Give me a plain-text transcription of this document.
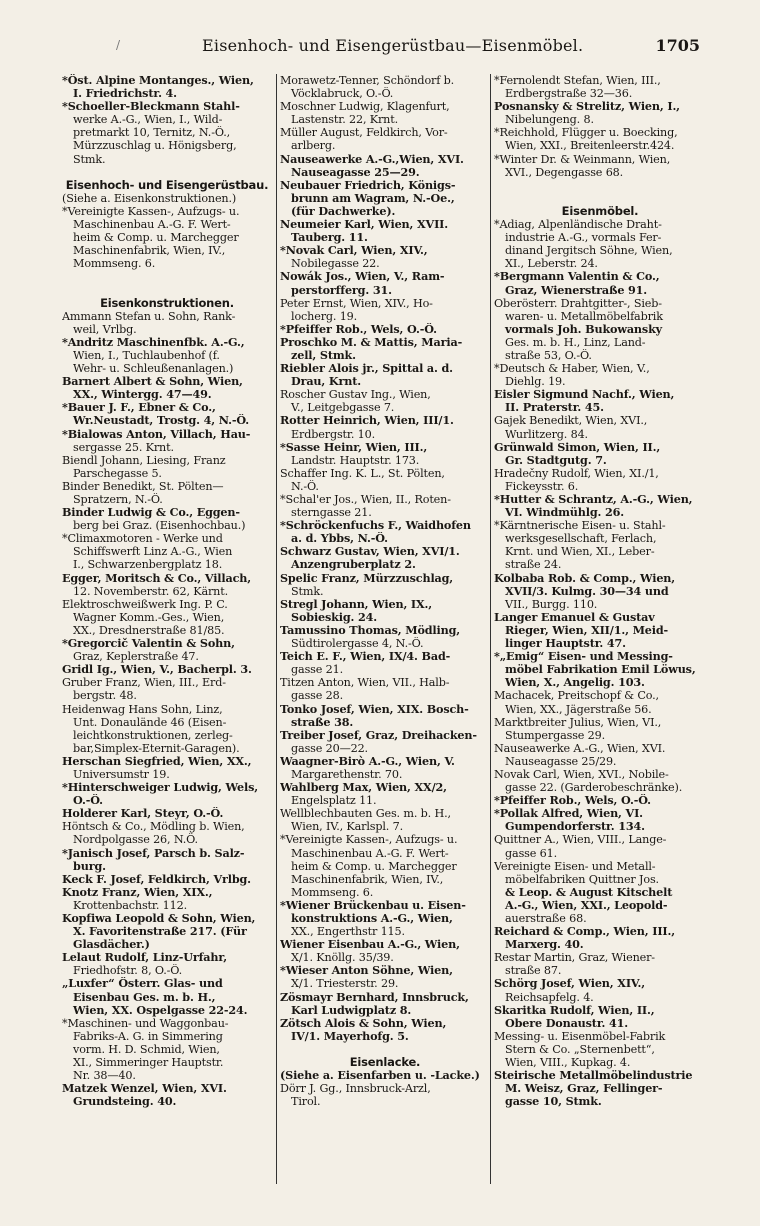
/	Eisenhoch- und Eisengerüstbau—Eisenmöbel.	1705
*Öst. Alpine Montanges., Wien,
 I. Friedrichstr. 4.
*Schoeller-Bleckmann Stahl-
 werke A.-G., Wien, I., Wild-
 pretmarkt 10, Ternitz, N.-Ö.,
 Mürzzuschlag u. Hönigsberg,
 Stmk.

Eisenhoch- und Eisengerüstbau.
(Siehe a. Eisenkonstruktionen.)
*Vereinigte Kassen-, Aufzugs- u.
 Maschinenbau A.-G. F. Wert-
 heim & Comp. u. Marchegger
 Maschinenfabrik, Wien, IV.,
 Mommseng. 6.

Eisenkonstruktionen.
Ammann Stefan u. Sohn, Rank-
 weil, Vrlbg.
*Andritz Maschinenfbk. A.-G.,
 Wien, I., Tuchlaubenhof (f.
 Wehr- u. Schleußenanlagen.)
Barnert Albert & Sohn, Wien,
 XX., Wintergg. 47—49.
*Bauer J. F., Ebner & Co.,
 Wr.Neustadt, Trostg. 4, N.-Ö.
*Bialowas Anton, Villach, Hau-
 sergasse 25. Krnt.
Biendl Johann, Liesing, Franz
 Parschegasse 5.
Binder Benedikt, St. Pölten—
 Spratzern, N.-Ö.
Binder Ludwig & Co., Eggen-
 berg bei Graz. (Eisenhochbau.)
*Climaxmotoren - Werke und
 Schiffswerft Linz A.-G., Wien
 I., Schwarzenbergplatz 18.
Egger, Moritsch & Co., Villach,
 12. Novemberstr. 62, Kärnt.
Elektroschweißwerk Ing. P. C.
 Wagner Komm.-Ges., Wien,
 XX., Dresdnerstraße 81/85.
*Gregorcič Valentin & Sohn,
 Graz, Keplerstraße 47.
Gridl Ig., Wien, V., Bacherpl. 3.
Gruber Franz, Wien, III., Erd-
 bergstr. 48.
Heidenwag Hans Sohn, Linz,
 Unt. Donaulände 46 (Eisen-
 leichtkonstruktionen, zerleg-
 bar,Simplex-Eternit-Garagen).
Herschan Siegfried, Wien, XX.,
 Universumstr 19.
*Hinterschweiger Ludwig, Wels,
 O.-Ö.
Holderer Karl, Steyr, O.-Ö.
Höntsch & Co., Mödling b. Wien,
 Nordpolgasse 26, N.Ö.
*Janisch Josef, Parsch b. Salz-
 burg.
Keck F. Josef, Feldkirch, Vrlbg.
Knotz Franz, Wien, XIX.,
 Krottenbachstr. 112.
Kopfiwa Leopold & Sohn, Wien,
 X. Favoritenstraße 217. (Für
 Glasdächer.)
Lelaut Rudolf, Linz-Urfahr,
 Friedhofstr. 8, O.-Ö.
„Luxfer“ Österr. Glas- und
 Eisenbau Ges. m. b. H.,
 Wien, XX. Ospelgasse 22-24.
*Maschinen- und Waggonbau-
 Fabriks-A. G. in Simmering
 vorm. H. D. Schmid, Wien,
 XI., Simmeringer Hauptstr.
 Nr. 38—40.
Matzek Wenzel, Wien, XVI.
 Grundsteing. 40.
Morawetz-Tenner, Schöndorf b.
 Vöcklabruck, O.-Ö.
Moschner Ludwig, Klagenfurt,
 Lastenstr. 22, Krnt.
Müller August, Feldkirch, Vor-
 arlberg.
Nauseawerke A.-G.,Wien, XVI.
 Nauseagasse 25—29.
Neubauer Friedrich, Königs-
 brunn am Wagram, N.-Oe.,
 (für Dachwerke).
Neumeier Karl, Wien, XVII.
 Tauberg. 11.
*Novak Carl, Wien, XIV.,
 Nobilegasse 22.
Nowák Jos., Wien, V., Ram-
 perstorfferg. 31.
Peter Ernst, Wien, XIV., Ho-
 locherg. 19.
*Pfeiffer Rob., Wels, O.-Ö.
Proschko M. & Mattis, Maria-
 zell, Stmk.
Riebler Alois jr., Spittal a. d.
 Drau, Krnt.
Roscher Gustav Ing., Wien,
 V., Leitgebgasse 7.
Rotter Heinrich, Wien, III/1.
 Erdbergstr. 10.
*Sasse Heinr, Wien, III.,
 Landstr. Hauptstr. 173.
Schaffer Ing. K. L., St. Pölten,
 N.-Ö.
*Schal'er Jos., Wien, II., Roten-
 sterngasse 21.
*Schröckenfuchs F., Waidhofen
 a. d. Ybbs, N.-Ö.
Schwarz Gustav, Wien, XVI/1.
 Anzengruberplatz 2.
Spelic Franz, Mürzzuschlag,
 Stmk.
Stregl Johann, Wien, IX.,
 Sobieskig. 24.
Tamussino Thomas, Mödling,
 Südtirolergasse 4, N.-Ö.
Teich E. F., Wien, IX/4. Bad-
 gasse 21.
Titzen Anton, Wien, VII., Halb-
 gasse 28.
Tonko Josef, Wien, XIX. Bosch-
 straße 38.
Treiber Josef, Graz, Dreihacken-
 gasse 20—22.
Waagner-Birò A.-G., Wien, V.
 Margarethenstr. 70.
Wahlberg Max, Wien, XX/2,
 Engelsplatz 11.
Wellblechbauten Ges. m. b. H.,
 Wien, IV., Karlspl. 7.
*Vereinigte Kassen-, Aufzugs- u.
 Maschinenbau A.-G. F. Wert-
 heim & Comp. u. Marchegger
 Maschinenfabrik, Wien, IV.,
 Mommseng. 6.
*Wiener Brückenbau u. Eisen-
 konstruktions A.-G., Wien,
 XX., Engerthstr 115.
Wiener Eisenbau A.-G., Wien,
 X/1. Knöllg. 35/39.
*Wieser Anton Söhne, Wien,
 X/1. Triesterstr. 29.
Zösmayr Bernhard, Innsbruck,
 Karl Ludwigplatz 8.
Zötsch Alois & Sohn, Wien,
 IV/1. Mayerhofg. 5.

Eisenlacke.
(Siehe a. Eisenfarben u. -Lacke.)
Dörr J. Gg., Innsbruck-Arzl,
 Tirol.
*Fernolendt Stefan, Wien, III.,
 Erdbergstraße 32—36.
Posnansky & Strelitz, Wien, I.,
 Nibelungeng. 8.
*Reichhold, Flügger u. Boecking,
 Wien, XXI., Breitenleerstr.424.
*Winter Dr. & Weinmann, Wien,
 XVI., Degengasse 68.

Eisenmöbel.
*Adiag, Alpenländische Draht-
 industrie A.-G., vormals Fer-
 dinand Jergitsch Söhne, Wien,
 XI., Leberstr. 24.
*Bergmann Valentin & Co.,
 Graz, Wienerstraße 91.
Oberösterr. Drahtgitter-, Sieb-
 waren- u. Metallmöbelfabrik
 vormals Joh. Bukowansky
 Ges. m. b. H., Linz, Land-
 straße 53, O.-Ö.
*Deutsch & Haber, Wien, V.,
 Diehlg. 19.
Eisler Sigmund Nachf., Wien,
 II. Praterstr. 45.
Gajek Benedikt, Wien, XVI.,
 Wurlitzerg. 84.
Grünwald Simon, Wien, II.,
 Gr. Stadtgutg. 7.
Hradečny Rudolf, Wien, XI./1,
 Fickeysstr. 6.
*Hutter & Schrantz, A.-G., Wien,
 VI. Windmühlg. 26.
*Kärntnerische Eisen- u. Stahl-
 werksgesellschaft, Ferlach,
 Krnt. und Wien, XI., Leber-
 straße 24.
Kolbaba Rob. & Comp., Wien,
 XVII/3. Kulmg. 30—34 und
 VII., Burgg. 110.
Langer Emanuel & Gustav
 Rieger, Wien, XII/1., Meid-
 linger Hauptstr. 47.
*„Emig“ Eisen- und Messing-
 möbel Fabrikation Emil Löwus,
 Wien, X., Angelig. 103.
Machacek, Preitschopf & Co.,
 Wien, XX., Jägerstraße 56.
Marktbreiter Julius, Wien, VI.,
 Stumpergasse 29.
Nauseawerke A.-G., Wien, XVI.
 Nauseagasse 25/29.
Novak Carl, Wien, XVI., Nobile-
 gasse 22. (Garderobeschränke).
*Pfeiffer Rob., Wels, O.-Ö.
*Pollak Alfred, Wien, VI.
 Gumpendorferstr. 134.
Quittner A., Wien, VIII., Lange-
 gasse 61.
Vereinigte Eisen- und Metall-
 möbelfabriken Quittner Jos.
 & Leop. & August Kitschelt
 A.-G., Wien, XXI., Leopold-
 auerstraße 68.
Reichard & Comp., Wien, III.,
 Marxerg. 40.
Restar Martin, Graz, Wiener-
 straße 87.
Schörg Josef, Wien, XIV.,
 Reichsapfelg. 4.
Skaritka Rudolf, Wien, II.,
 Obere Donaustr. 41.
Messing- u. Eisenmöbel-Fabrik
 Stern & Co. „Sternenbett“,
 Wien, VIII., Kupkag. 4.
Steirische Metallmöbelindustrie
 M. Weisz, Graz, Fellinger-
 gasse 10, Stmk.
